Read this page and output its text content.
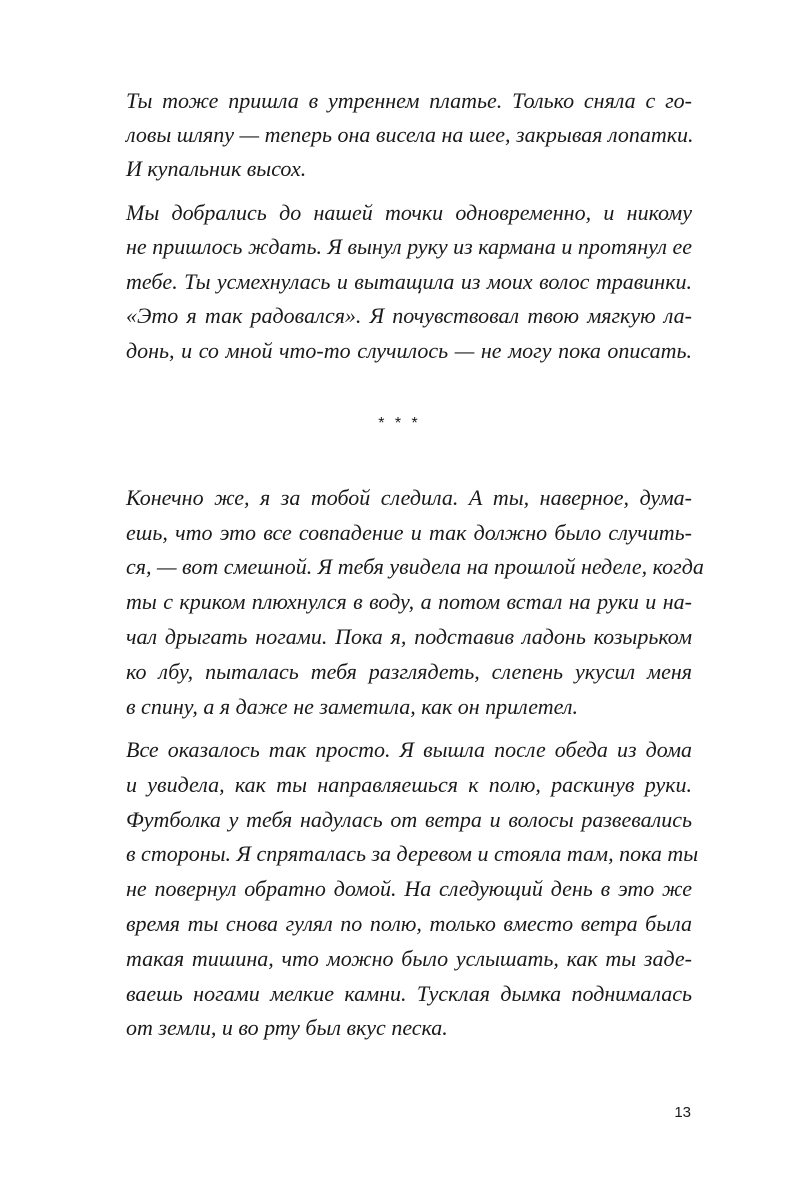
Ты тоже пришла в утреннем платье. Только сняла с го-
ловы шляпу — теперь она висела на шее, закрывая лопатки.
И купальник высох.
Мы добрались до нашей точки одновременно, и никому
не пришлось ждать. Я вынул руку из кармана и протянул ее
тебе. Ты усмехнулась и вытащила из моих волос травинки.
«Это я так радовался». Я почувствовал твою мягкую ла-
донь, и со мной что-то случилось — не могу пока описать.
* * *
Конечно же, я за тобой следила. А ты, наверное, дума-
ешь, что это все совпадение и так должно было случить-
ся, — вот смешной. Я тебя увидела на прошлой неделе, когда
ты с криком плюхнулся в воду, а потом встал на руки и на-
чал дрыгать ногами. Пока я, подставив ладонь козырьком
ко лбу, пыталась тебя разглядеть, слепень укусил меня
в спину, а я даже не заметила, как он прилетел.
Все оказалось так просто. Я вышла после обеда из дома
и увидела, как ты направляешься к полю, раскинув руки.
Футболка у тебя надулась от ветра и волосы развевались
в стороны. Я спряталась за деревом и стояла там, пока ты
не повернул обратно домой. На следующий день в это же
время ты снова гулял по полю, только вместо ветра была
такая тишина, что можно было услышать, как ты заде-
ваешь ногами мелкие камни. Тусклая дымка поднималась
от земли, и во рту был вкус песка.
13
